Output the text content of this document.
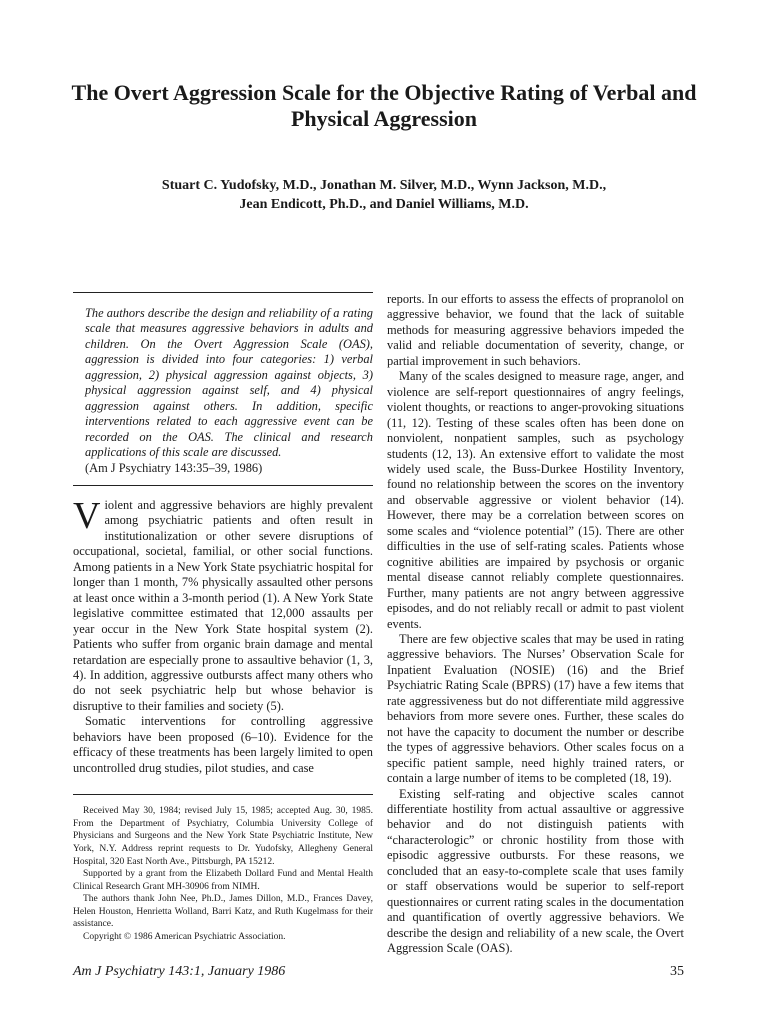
The Overt Aggression Scale for the Objective Rating of Verbal and Physical Aggression
Stuart C. Yudofsky, M.D., Jonathan M. Silver, M.D., Wynn Jackson, M.D.,
Jean Endicott, Ph.D., and Daniel Williams, M.D.

The authors describe the design and reliability of a rating scale that measures aggressive behaviors in adults and children. On the Overt Aggression Scale (OAS), aggression is divided into four categories: 1) verbal aggression, 2) physical aggression against objects, 3) physical aggression against self, and 4) physical aggression against others. In addition, specific interventions related to each aggressive event can be recorded on the OAS. The clinical and research applications of this scale are discussed.

(Am J Psychiatry 143:35–39, 1986)

Violent and aggressive behaviors are highly prevalent among psychiatric patients and often result in institutionalization or other severe disruptions of occupational, societal, familial, or other social functions. Among patients in a New York State psychiatric hospital for longer than 1 month, 7% physically assaulted other persons at least once within a 3-month period (1). A New York State legislative committee estimated that 12,000 assaults per year occur in the New York State hospital system (2). Patients who suffer from organic brain damage and mental retardation are especially prone to assaultive behavior (1, 3, 4). In addition, aggressive outbursts affect many others who do not seek psychiatric help but whose behavior is disruptive to their families and society (5).

Somatic interventions for controlling aggressive behaviors have been proposed (6–10). Evidence for the efficacy of these treatments has been largely limited to open uncontrolled drug studies, pilot studies, and case

Received May 30, 1984; revised July 15, 1985; accepted Aug. 30, 1985. From the Department of Psychiatry, Columbia University College of Physicians and Surgeons and the New York State Psychiatric Institute, New York, N.Y. Address reprint requests to Dr. Yudofsky, Allegheny General Hospital, 320 East North Ave., Pittsburgh, PA 15212.

Supported by a grant from the Elizabeth Dollard Fund and Mental Health Clinical Research Grant MH-30906 from NIMH.

The authors thank John Nee, Ph.D., James Dillon, M.D., Frances Davey, Helen Houston, Henrietta Wolland, Barri Katz, and Ruth Kugelmass for their assistance.

Copyright © 1986 American Psychiatric Association.

reports. In our efforts to assess the effects of propranolol on aggressive behavior, we found that the lack of suitable methods for measuring aggressive behaviors impeded the valid and reliable documentation of severity, change, or partial improvement in such behaviors.

Many of the scales designed to measure rage, anger, and violence are self-report questionnaires of angry feelings, violent thoughts, or reactions to anger-provoking situations (11, 12). Testing of these scales often has been done on nonviolent, nonpatient samples, such as psychology students (12, 13). An extensive effort to validate the most widely used scale, the Buss-Durkee Hostility Inventory, found no relationship between the scores on the inventory and observable aggressive or violent behavior (14). However, there may be a correlation between scores on some scales and “violence potential” (15). There are other difficulties in the use of self-rating scales. Patients whose cognitive abilities are impaired by psychosis or organic mental disease cannot reliably complete questionnaires. Further, many patients are not angry between aggressive episodes, and do not reliably recall or admit to past violent events.

There are few objective scales that may be used in rating aggressive behaviors. The Nurses’ Observation Scale for Inpatient Evaluation (NOSIE) (16) and the Brief Psychiatric Rating Scale (BPRS) (17) have a few items that rate aggressiveness but do not differentiate mild aggressive behaviors from more severe ones. Further, these scales do not have the capacity to document the number or describe the types of aggressive behaviors. Other scales focus on a specific patient sample, need highly trained raters, or contain a large number of items to be completed (18, 19).

Existing self-rating and objective scales cannot differentiate hostility from actual assaultive or aggressive behavior and do not distinguish patients with “characterologic” or chronic hostility from those with episodic aggressive outbursts. For these reasons, we concluded that an easy-to-complete scale that uses family or staff observations would be superior to self-report questionnaires or current rating scales in the documentation and quantification of overtly aggressive behaviors. We describe the design and reliability of a new scale, the Overt Aggression Scale (OAS).

Am J Psychiatry 143:1, January 1986	35
